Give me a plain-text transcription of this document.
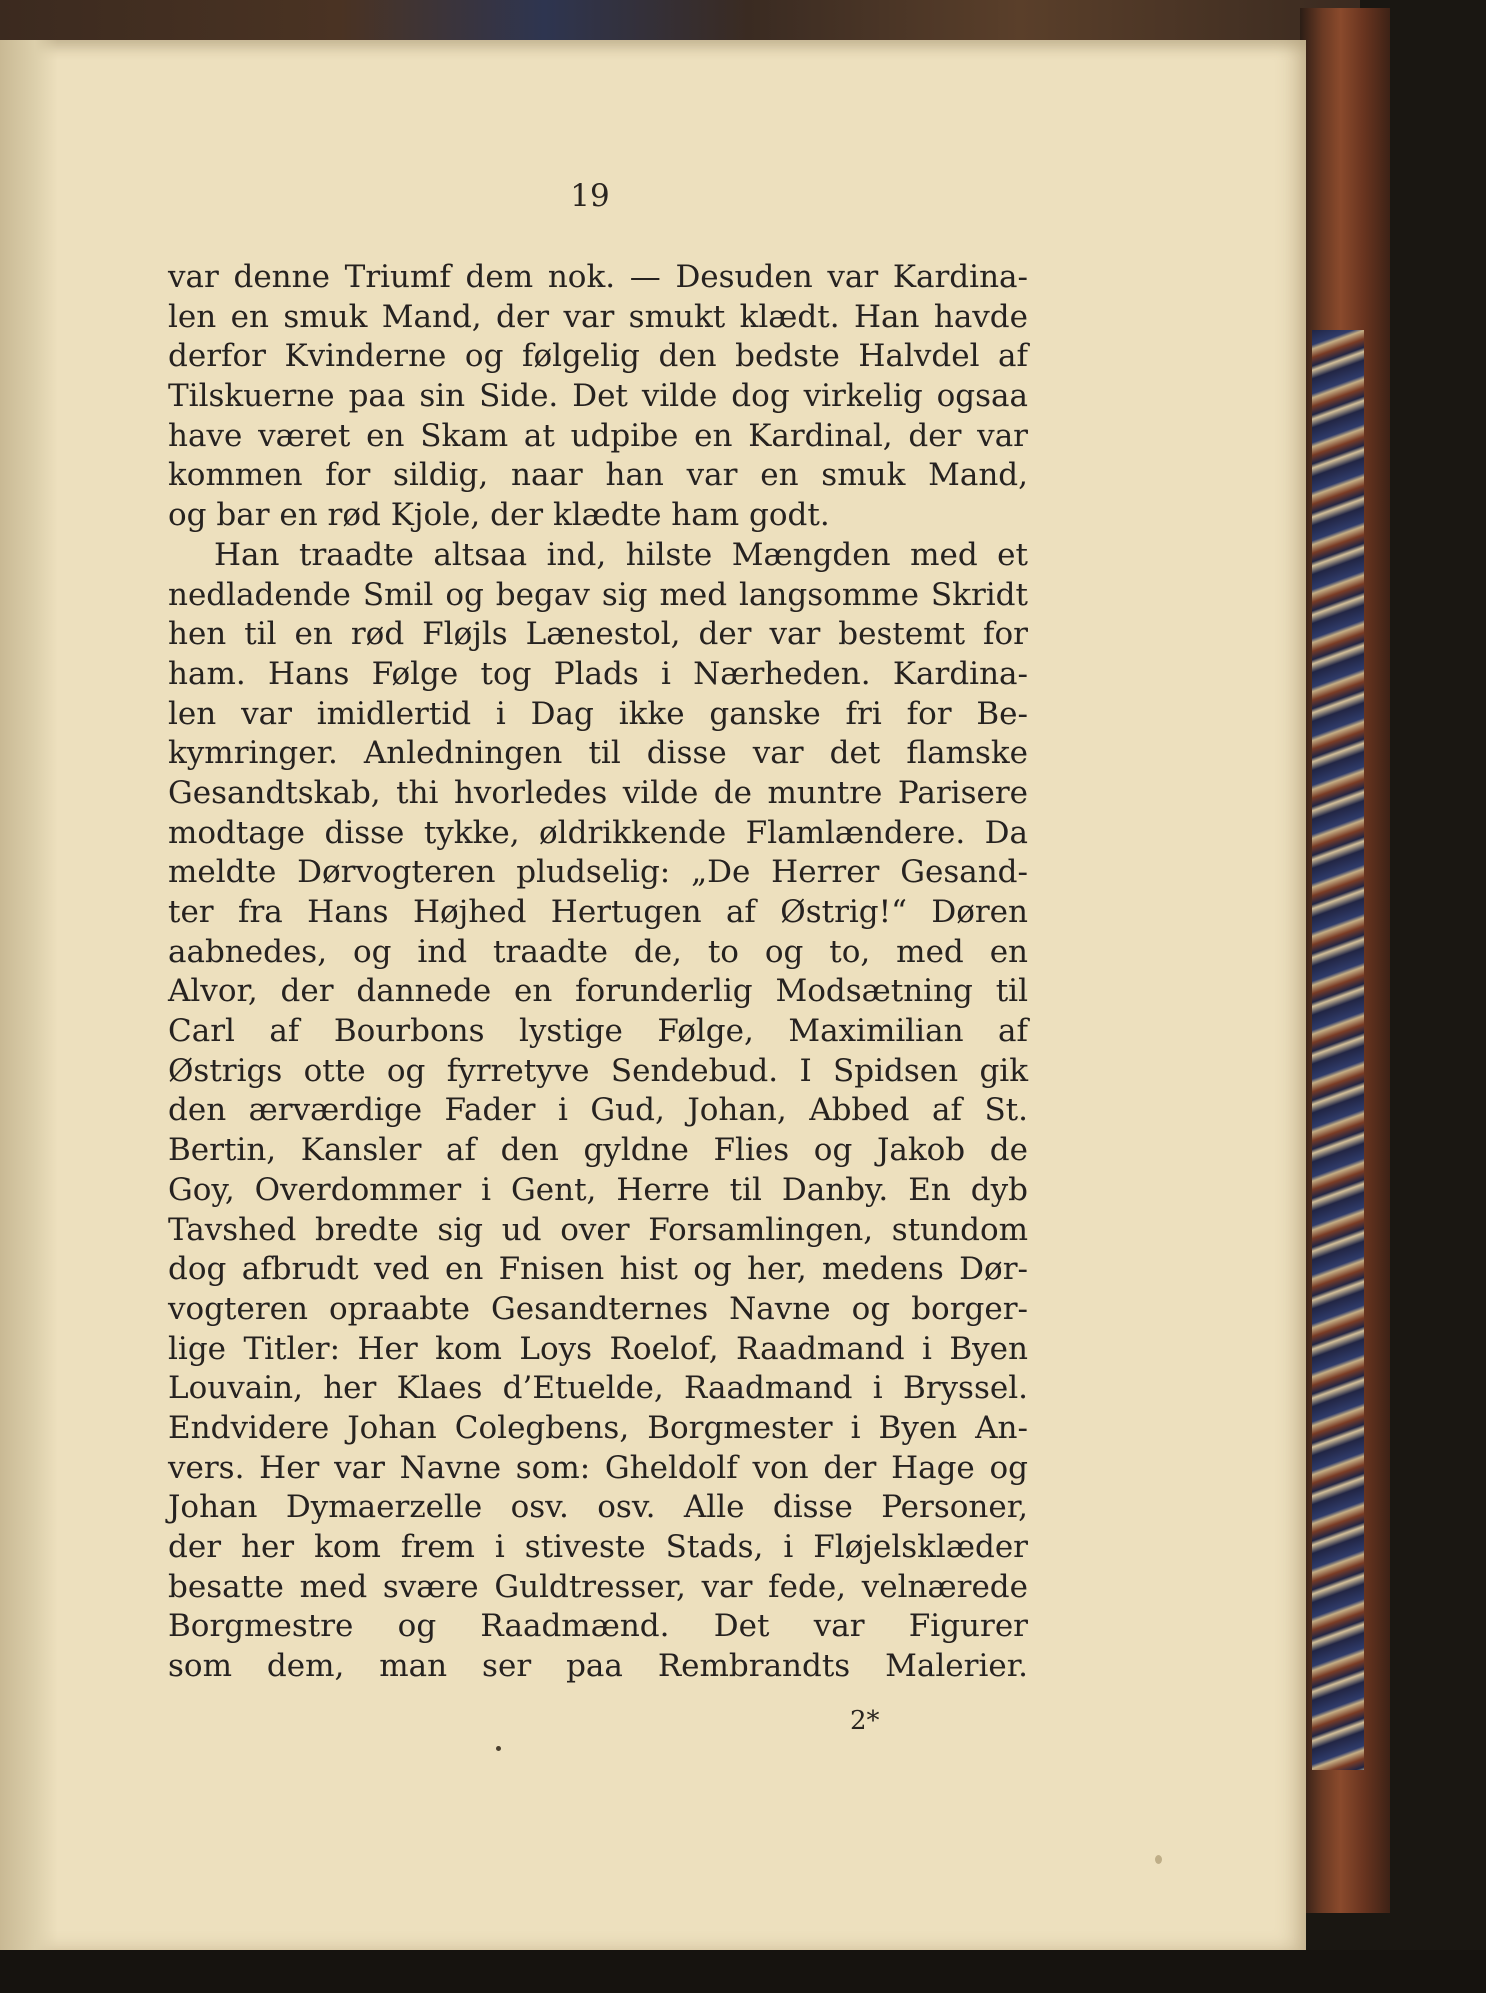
19
var denne Triumf dem nok. — Desuden var Kardina-
len en smuk Mand, der var smukt klædt. Han havde
derfor Kvinderne og følgelig den bedste Halvdel af
Tilskuerne paa sin Side. Det vilde dog virkelig ogsaa
have været en Skam at udpibe en Kardinal, der var
kommen for sildig, naar han var en smuk Mand,
og bar en rød Kjole, der klædte ham godt.
Han traadte altsaa ind, hilste Mængden med et
nedladende Smil og begav sig med langsomme Skridt
hen til en rød Fløjls Lænestol, der var bestemt for
ham. Hans Følge tog Plads i Nærheden. Kardina-
len var imidlertid i Dag ikke ganske fri for Be-
kymringer. Anledningen til disse var det flamske
Gesandtskab, thi hvorledes vilde de muntre Parisere
modtage disse tykke, øldrikkende Flamlændere. Da
meldte Dørvogteren pludselig: „De Herrer Gesand-
ter fra Hans Højhed Hertugen af Østrig!“ Døren
aabnedes, og ind traadte de, to og to, med en
Alvor, der dannede en forunderlig Modsætning til
Carl af Bourbons lystige Følge, Maximilian af
Østrigs otte og fyrretyve Sendebud. I Spidsen gik
den ærværdige Fader i Gud, Johan, Abbed af St.
Bertin, Kansler af den gyldne Flies og Jakob de
Goy, Overdommer i Gent, Herre til Danby. En dyb
Tavshed bredte sig ud over Forsamlingen, stundom
dog afbrudt ved en Fnisen hist og her, medens Dør-
vogteren opraabte Gesandternes Navne og borger-
lige Titler: Her kom Loys Roelof, Raadmand i Byen
Louvain, her Klaes d’Etuelde, Raadmand i Bryssel.
Endvidere Johan Colegbens, Borgmester i Byen An-
vers. Her var Navne som: Gheldolf von der Hage og
Johan Dymaerzelle osv. osv. Alle disse Personer,
der her kom frem i stiveste Stads, i Fløjelsklæder
besatte med svære Guldtresser, var fede, velnærede
Borgmestre og Raadmænd. Det var Figurer
som dem, man ser paa Rembrandts Malerier.
2*
